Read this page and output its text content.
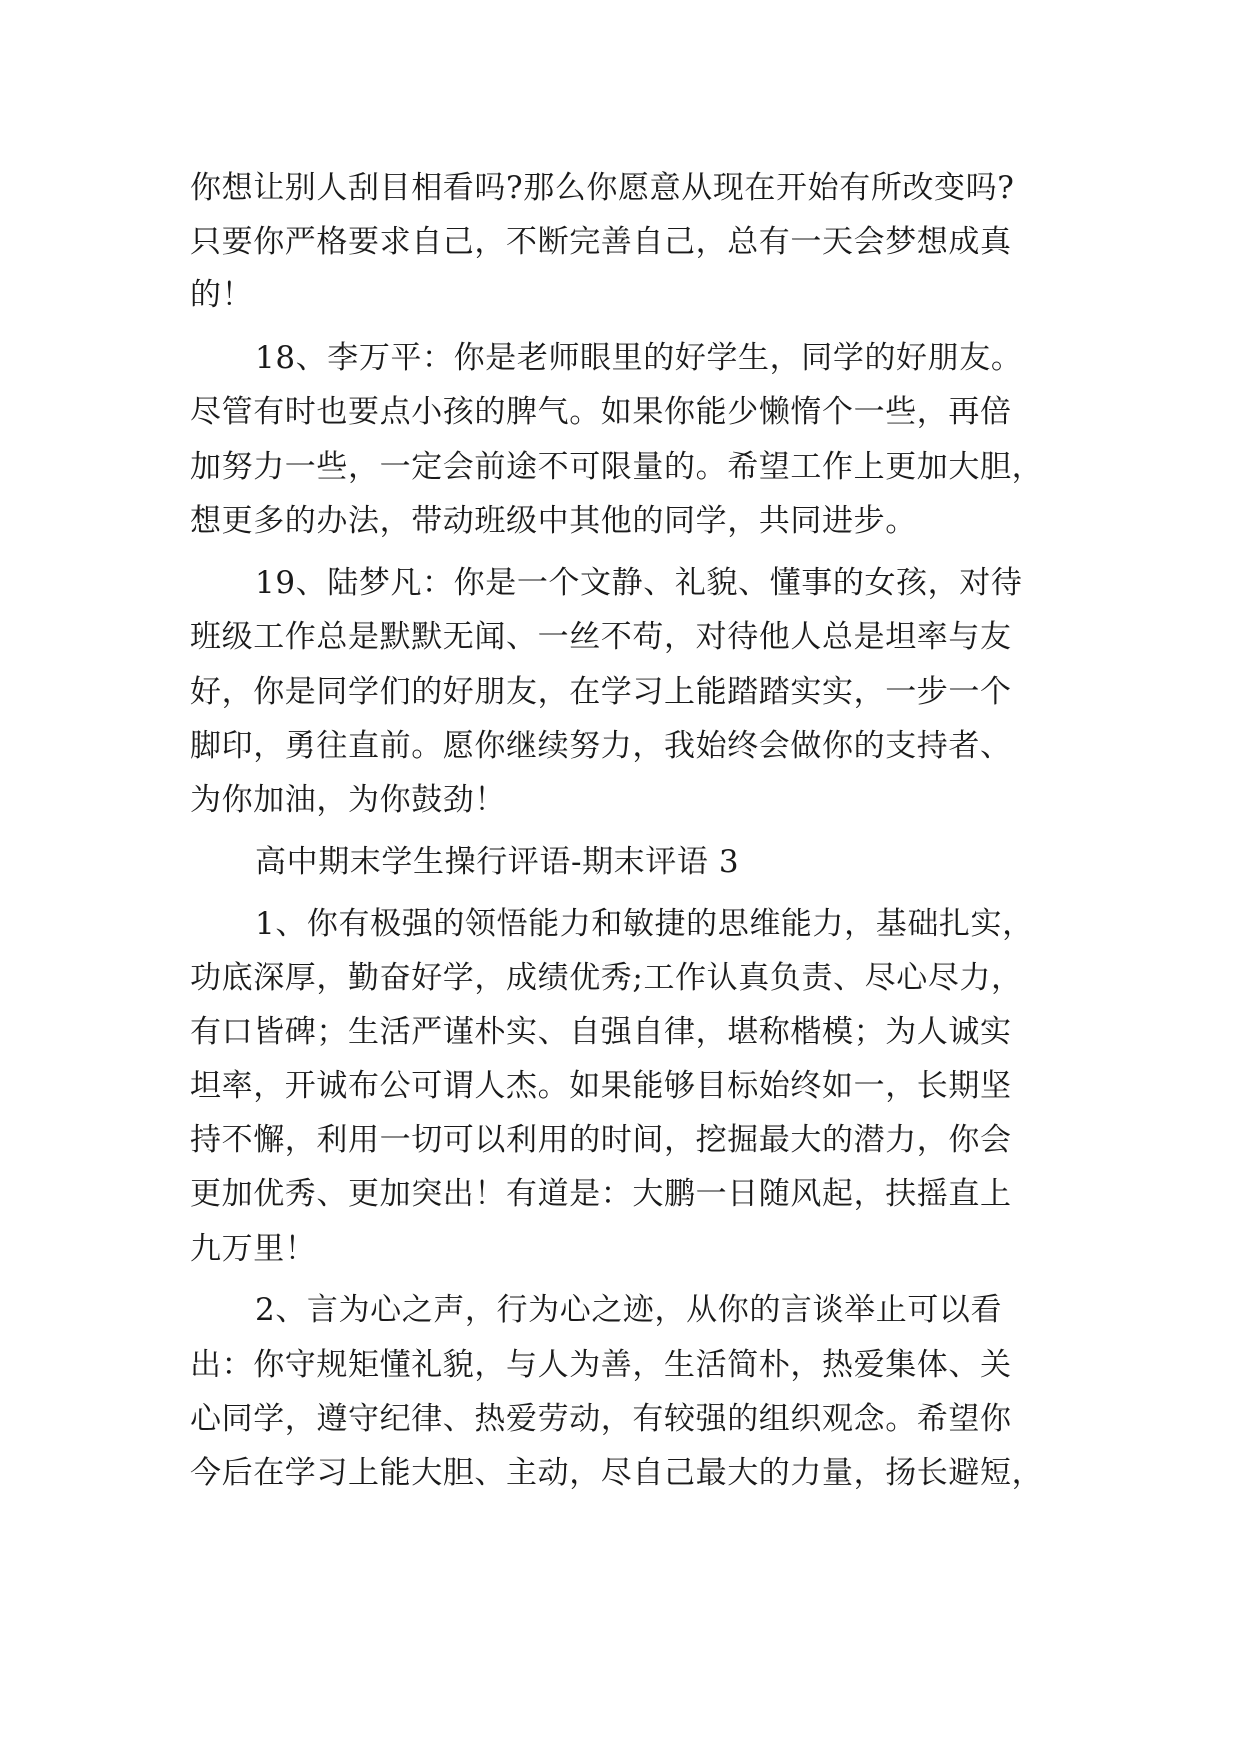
你想让别人刮目相看吗?那么你愿意从现在开始有所改变吗?
只要你严格要求自己，不断完善自己，总有一天会梦想成真
的！
18、李万平：你是老师眼里的好学生，同学的好朋友。
尽管有时也要点小孩的脾气。如果你能少懒惰个一些，再倍
加努力一些，一定会前途不可限量的。希望工作上更加大胆，
想更多的办法，带动班级中其他的同学，共同进步。
19、陆梦凡：你是一个文静、礼貌、懂事的女孩，对待
班级工作总是默默无闻、一丝不苟，对待他人总是坦率与友
好，你是同学们的好朋友，在学习上能踏踏实实，一步一个
脚印，勇往直前。愿你继续努力，我始终会做你的支持者、
为你加油，为你鼓劲！
高中期末学生操行评语-期末评语 3
1、你有极强的领悟能力和敏捷的思维能力，基础扎实，
功底深厚，勤奋好学，成绩优秀;工作认真负责、尽心尽力，
有口皆碑；生活严谨朴实、自强自律，堪称楷模；为人诚实
坦率，开诚布公可谓人杰。如果能够目标始终如一，长期坚
持不懈，利用一切可以利用的时间，挖掘最大的潜力，你会
更加优秀、更加突出！有道是：大鹏一日随风起，扶摇直上
九万里！
2、言为心之声，行为心之迹，从你的言谈举止可以看
出：你守规矩懂礼貌，与人为善，生活简朴，热爱集体、关
心同学，遵守纪律、热爱劳动，有较强的组织观念。希望你
今后在学习上能大胆、主动，尽自己最大的力量，扬长避短，
